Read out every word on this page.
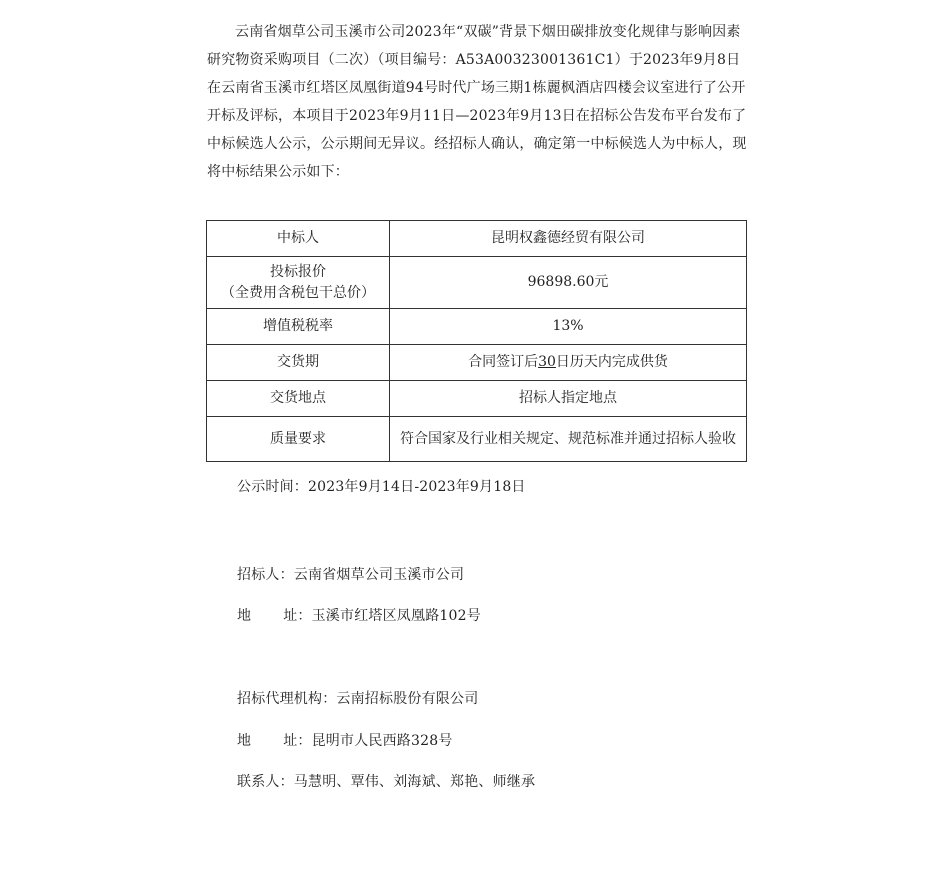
云南省烟草公司玉溪市公司2023年“双碳”背景下烟田碳排放变化规律与影响因素研究物资采购项目（二次）（项目编号：A53A00323001361C1）于2023年9月8日在云南省玉溪市红塔区凤凰街道94号时代广场三期1栋麗枫酒店四楼会议室进行了公开开标及评标，本项目于2023年9月11日—2023年9月13日在招标公告发布平台发布了中标候选人公示，公示期间无异议。经招标人确认，确定第一中标候选人为中标人，现将中标结果公示如下：

中标人	昆明权鑫德经贸有限公司
投标报价
（全费用含税包干总价）	96898.60元
增值税税率	13%
交货期	合同签订后30日历天内完成供货
交货地点	招标人指定地点
质量要求	符合国家及行业相关规定、规范标准并通过招标人验收

公示时间：2023年9月14日-2023年9月18日

招标人：云南省烟草公司玉溪市公司

地 址：玉溪市红塔区凤凰路102号

招标代理机构：云南招标股份有限公司

地 址：昆明市人民西路328号

联系人：马慧明、覃伟、刘海斌、郑艳、师继承
